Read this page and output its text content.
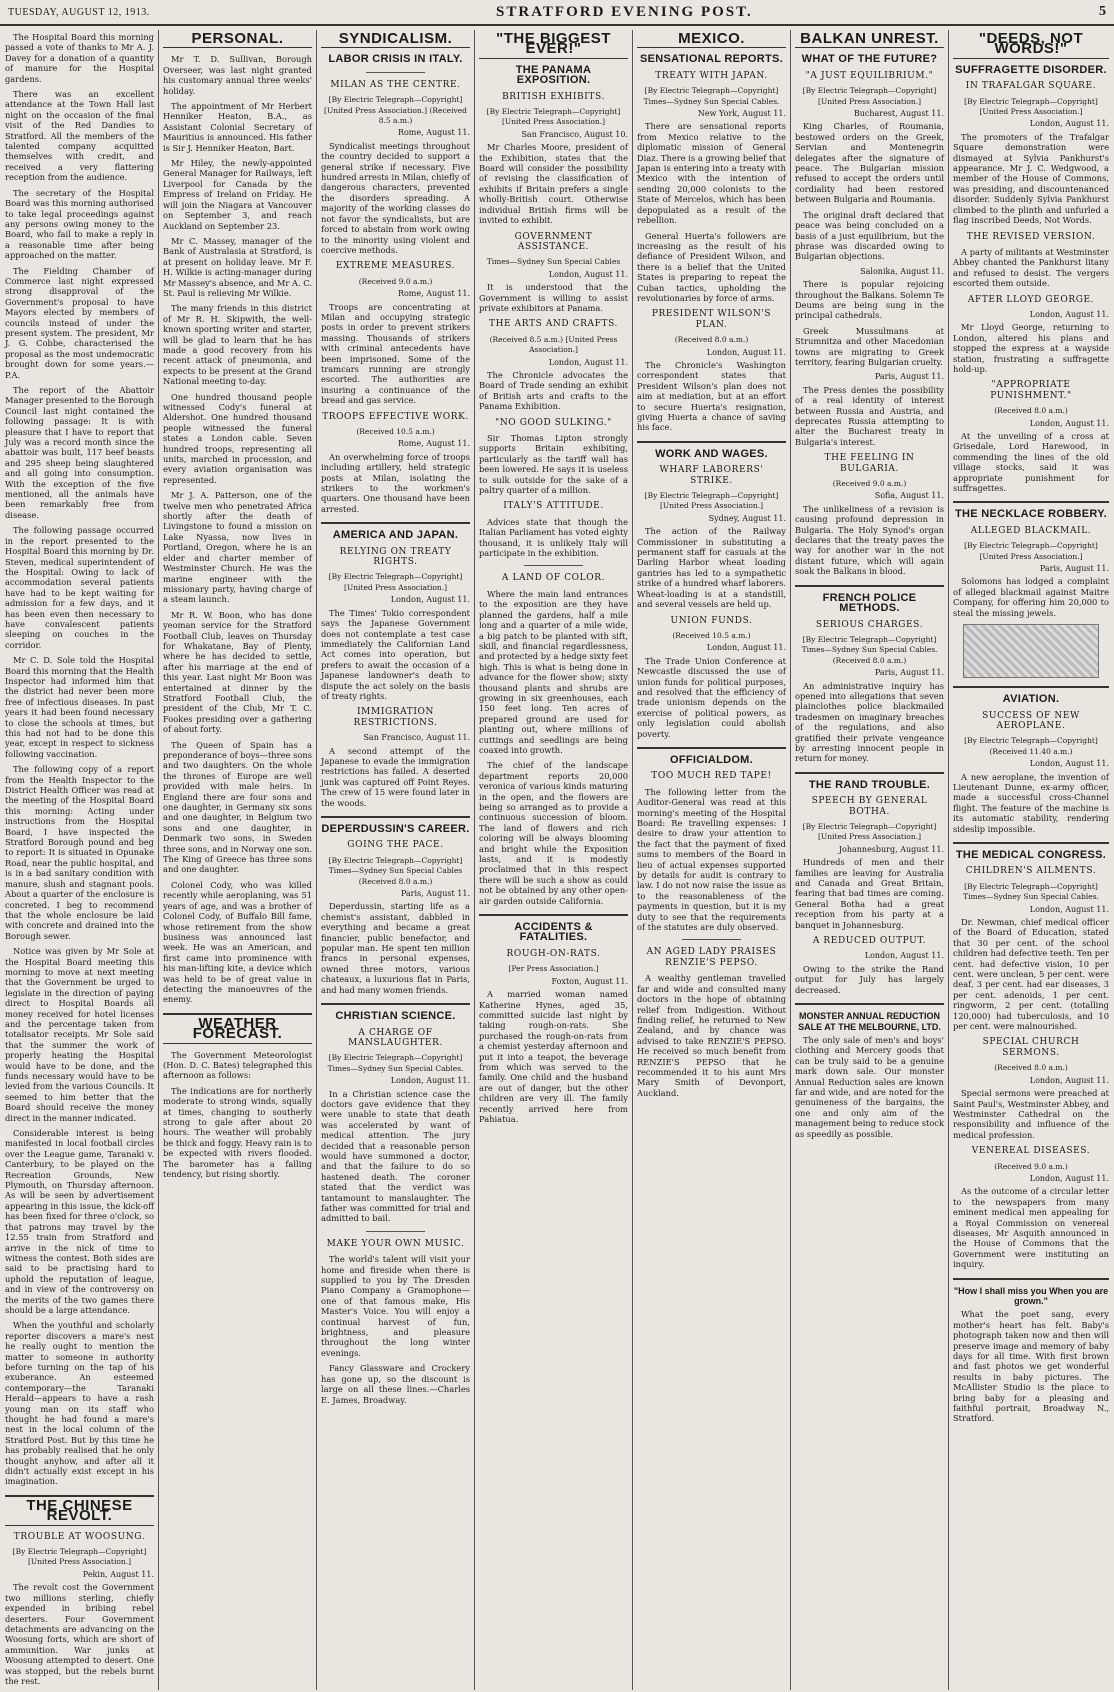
TUESDAY, AUGUST 12, 1913.	STRATFORD EVENING POST.	5

The Hospital Board this morning passed a vote of thanks to Mr A. J. Davey for a donation of a quantity of manure for the Hospital gardens.

There was an excellent attendance at the Town Hall last night on the occasion of the final visit of the Red Dandies to Stratford. All the members of the talented company acquitted themselves with credit, and received a very flattering reception from the audience.

The secretary of the Hospital Board was this morning authorised to take legal proceedings against any persons owing money to the Board, who fail to make a reply in a reasonable time after being approached on the matter.

The Fielding Chamber of Commerce last night expressed strong disapproval of the Government's proposal to have Mayors elected by members of councils instead of under the present system. The president, Mr J. G. Cobbe, characterised the proposal as the most undemocratic brought down for some years.—P.A.

The report of the Abattoir Manager presented to the Borough Council last night contained the following passage: It is with pleasure that I have to report that July was a record month since the abattoir was built, 117 beef beasts and 295 sheep being slaughtered and all going into consumption. With the exception of the five mentioned, all the animals have been remarkably free from disease.

The following passage occurred in the report presented to the Hospital Board this morning by Dr. Steven, medical superintendent of the Hospital: Owing to lack of accommodation several patients have had to be kept waiting for admission for a few days, and it has been even then necessary to have convalescent patients sleeping on couches in the corridor.

Mr C. D. Sole told the Hospital Board this morning that the Health Inspector had informed him that the district had never been more free of infectious diseases. In past years it had been found necessary to close the schools at times, but this had not had to be done this year, except in respect to sickness following vaccination.

The following copy of a report from the Health Inspector to the District Health Officer was read at the meeting of the Hospital Board this morning: Acting under instructions from the Hospital Board, I have inspected the Stratford Borough pound and beg to report: It is situated in Opunake Road, near the public hospital, and is in a bad sanitary condition with manure, slush and stagnant pools. About a quarter of the enclosure is concreted. I beg to recommend that the whole enclosure be laid with concrete and drained into the Borough sewer.

Notice was given by Mr Sole at the Hospital Board meeting this morning to move at next meeting that the Government be urged to legislate in the direction of paying direct to Hospital Boards all money received for hotel licenses and the percentage taken from totalisator receipts. Mr Sole said that the summer the work of properly heating the Hospital would have to be done, and the funds necessary would have to be levied from the various Councils. It seemed to him better that the Board should receive the money direct in the manner indicated.

Considerable interest is being manifested in local football circles over the League game, Taranaki v. Canterbury, to be played on the Recreation Grounds, New Plymouth, on Thursday afternoon. As will be seen by advertisement appearing in this issue, the kick-off has been fixed for three o'clock, so that patrons may travel by the 12.55 train from Stratford and arrive in the nick of time to witness the contest. Both sides are said to be practising hard to uphold the reputation of league, and in view of the controversy on the merits of the two games there should be a large attendance.

When the youthful and scholarly reporter discovers a mare's nest he really ought to mention the matter to someone in authority before turning on the tap of his exuberance. An esteemed contemporary—the Taranaki Herald—appears to have a rash young man on its staff who thought he had found a mare's nest in the local column of the Stratford Post. But by this time he has probably realised that he only thought anyhow, and after all it didn't actually exist except in his imagination.

THE CHINESE REVOLT.
TROUBLE AT WOOSUNG.
[By Electric Telegraph—Copyright] [United Press Association.]
Pekin, August 11.

The revolt cost the Government two millions sterling, chiefly expended in bribing rebel deserters. Four Government detachments are advancing on the Woosung forts, which are short of ammunition. War junks at Woosung attempted to desert. One was stopped, but the rebels burnt the rest.

PERSONAL.

Mr T. D. Sullivan, Borough Overseer, was last night granted his customary annual three weeks' holiday.

The appointment of Mr Herbert Henniker Heaton, B.A., as Assistant Colonial Secretary of Mauritius is announced. His father is Sir J. Henniker Heaton, Bart.

Mr Hiley, the newly-appointed General Manager for Railways, left Liverpool for Canada by the Empress of Ireland on Friday. He will join the Niagara at Vancouver on September 3, and reach Auckland on September 23.

Mr C. Massey, manager of the Bank of Australasia at Stratford, is at present on holiday leave. Mr F. H. Wilkie is acting-manager during Mr Massey's absence, and Mr A. C. St. Paul is relieving Mr Wilkie.

The many friends in this district of Mr R. H. Skipwith, the well-known sporting writer and starter, will be glad to learn that he has made a good recovery from his recent attack of pneumonia, and expects to be present at the Grand National meeting to-day.

One hundred thousand people witnessed Cody's funeral at Aldershot. One hundred thousand people witnessed the funeral states a London cable. Seven hundred troops, representing all units, marched in procession, and every aviation organisation was represented.

Mr J. A. Patterson, one of the twelve men who penetrated Africa shortly after the death of Livingstone to found a mission on Lake Nyassa, now lives in Portland, Oregon, where he is an elder and charter member of Westminster Church. He was the marine engineer with the missionary party, having charge of a steam launch.

Mr R. W. Boon, who has done yeoman service for the Stratford Football Club, leaves on Thursday for Whakatane, Bay of Plenty, where he has decided to settle, after his marriage at the end of this year. Last night Mr Boon was entertained at dinner by the Stratford Football Club, the president of the Club, Mr T. C. Fookes presiding over a gathering of about forty.

The Queen of Spain has a preponderance of boys—three sons and two daughters. On the whole the thrones of Europe are well provided with male heirs. In England there are four sons and one daughter, in Germany six sons and one daughter, in Belgium two sons and one daughter, in Denmark two sons, in Sweden three sons, and in Norway one son. The King of Greece has three sons and one daughter.

Colonel Cody, who was killed recently while aeroplaning, was 51 years of age, and was a brother of Colonel Cody, of Buffalo Bill fame, whose retirement from the show business was announced last week. He was an American, and first came into prominence with his man-lifting kite, a device which was held to be of great value in detecting the manoeuvres of the enemy.

WEATHER FORECAST.

The Government Meteorologist (Hon. D. C. Bates) telegraphed this afternoon as follows:

The indications are for northerly moderate to strong winds, squally at times, changing to southerly strong to gale after about 20 hours. The weather will probably be thick and foggy. Heavy rain is to be expected with rivers flooded. The barometer has a falling tendency, but rising shortly.

SYNDICALISM.
LABOR CRISIS IN ITALY.
MILAN AS THE CENTRE.
[By Electric Telegraph—Copyright] [United Press Association.] (Received 8.5 a.m.)
Rome, August 11.

Syndicalist meetings throughout the country decided to support a general strike if necessary. Five hundred arrests in Milan, chiefly of dangerous characters, prevented the disorders spreading. A majority of the working classes do not favor the syndicalists, but are forced to abstain from work owing to the minority using violent and coercive methods.

EXTREME MEASURES.
(Received 9.0 a.m.)
Rome, August 11.

Troops are concentrating at Milan and occupying strategic posts in order to prevent strikers massing. Thousands of strikers with criminal antecedents have been imprisoned. Some of the tramcars running are strongly escorted. The authorities are insuring a continuance of the bread and gas service.

TROOPS EFFECTIVE WORK.
(Received 10.5 a.m.)
Rome, August 11.

An overwhelming force of troops including artillery, held strategic posts at Milan, isolating the strikers to the workmen's quarters. One thousand have been arrested.

AMERICA AND JAPAN.
RELYING ON TREATY RIGHTS.
[By Electric Telegraph—Copyright] [United Press Association.]
London, August 11.

The Times' Tokio correspondent says the Japanese Government does not contemplate a test case immediately the Californian Land Act comes into operation, but prefers to await the occasion of a Japanese landowner's death to dispute the act solely on the basis of treaty rights.

IMMIGRATION RESTRICTIONS.
San Francisco, August 11.

A second attempt of the Japanese to evade the immigration restrictions has failed. A deserted junk was captured off Point Reyes. The crew of 15 were found later in the woods.

DEPERDUSSIN'S CAREER.
GOING THE PACE.
[By Electric Telegraph—Copyright] Times—Sydney Sun Special Cables (Received 8.0 a.m.)
Paris, August 11.

Deperdussin, starting life as a chemist's assistant, dabbled in everything and became a great financier, public benefactor, and popular man. He spent ten million francs in personal expenses, owned three motors, various chateaux, a luxurious flat in Paris, and had many women friends.

CHRISTIAN SCIENCE.
A CHARGE OF MANSLAUGHTER.
[By Electric Telegraph—Copyright] Times—Sydney Sun Special Cables.
London, August 11.

In a Christian science case the doctors gave evidence that they were unable to state that death was accelerated by want of medical attention. The jury decided that a reasonable person would have summoned a doctor, and that the failure to do so hastened death. The coroner stated that the verdict was tantamount to manslaughter. The father was committed for trial and admitted to bail.

MAKE YOUR OWN MUSIC.

The world's talent will visit your home and fireside when there is supplied to you by The Dresden Piano Company a Gramophone—one of that famous make, His Master's Voice. You will enjoy a continual harvest of fun, brightness, and pleasure throughout the long winter evenings.

Fancy Glassware and Crockery has gone up, so the discount is large on all these lines.—Charles E. James, Broadway.

"THE BIGGEST EVER!"
THE PANAMA EXPOSITION.
BRITISH EXHIBITS.
[By Electric Telegraph—Copyright] [United Press Association.]
San Francisco, August 10.

Mr Charles Moore, president of the Exhibition, states that the Board will consider the possibility of revising the classification of exhibits if Britain prefers a single wholly-British court. Otherwise individual British firms will be invited to exhibit.

GOVERNMENT ASSISTANCE.
Times—Sydney Sun Special Cables
London, August 11.

It is understood that the Government is willing to assist private exhibitors at Panama.

THE ARTS AND CRAFTS.
(Received 8.5 a.m.) [United Press Association.]
London, August 11.

The Chronicle advocates the Board of Trade sending an exhibit of British arts and crafts to the Panama Exhibition.

"NO GOOD SULKING."

Sir Thomas Lipton strongly supports Britain exhibiting, particularly as the tariff wall has been lowered. He says it is useless to sulk outside for the sake of a paltry quarter of a million.

ITALY'S ATTITUDE.

Advices state that though the Italian Parliament has voted eighty thousand, it is unlikely Italy will participate in the exhibition.

A LAND OF COLOR.

Where the main land entrances to the exposition are they have planned the gardens, half a mile long and a quarter of a mile wide, a big patch to be planted with sift, skill, and financial regardlessness, and protected by a hedge sixty feet high. This is what is being done in advance for the flower show; sixty thousand plants and shrubs are growing in six greenhouses, each 150 feet long. Ten acres of prepared ground are used for planting out, where millions of cuttings and seedlings are being coaxed into growth.

The chief of the landscape department reports 20,000 veronica of various kinds maturing in the open, and the flowers are being so arranged as to provide a continuous succession of bloom. The land of flowers and rich coloring will be always blooming and bright while the Exposition lasts, and it is modestly proclaimed that in this respect there will be such a show as could not be obtained by any other open-air garden outside California.

ACCIDENTS & FATALITIES.
ROUGH-ON-RATS.
[Per Press Association.]
Foxton, August 11.

A married woman named Katherine Hynes, aged 35, committed suicide last night by taking rough-on-rats. She purchased the rough-on-rats from a chemist yesterday afternoon and put it into a teapot, the beverage from which was served to the family. One child and the husband are out of danger, but the other children are very ill. The family recently arrived here from Pahiatua.

MEXICO.
SENSATIONAL REPORTS.
TREATY WITH JAPAN.
[By Electric Telegraph—Copyright] Times—Sydney Sun Special Cables.
New York, August 11.

There are sensational reports from Mexico relative to the diplomatic mission of General Diaz. There is a growing belief that Japan is entering into a treaty with Mexico with the intention of sending 20,000 colonists to the State of Mercelos, which has been depopulated as a result of the rebellion.

General Huerta's followers are increasing as the result of his defiance of President Wilson, and there is a belief that the United States is preparing to repeat the Cuban tactics, upholding the revolutionaries by force of arms.

PRESIDENT WILSON'S PLAN.
(Received 8.0 a.m.)
London, August 11.

The Chronicle's Washington correspondent states that President Wilson's plan does not aim at mediation, but at an effort to secure Huerta's resignation, giving Huerta a chance of saving his face.

WORK AND WAGES.
WHARF LABORERS' STRIKE.
[By Electric Telegraph—Copyright] [United Press Association.]
Sydney, August 11.

The action of the Railway Commissioner in substituting a permanent staff for casuals at the Darling Harbor wheat loading gantries has led to a sympathetic strike of a hundred wharf laborers. Wheat-loading is at a standstill, and several vessels are held up.

UNION FUNDS.
(Received 10.5 a.m.)
London, August 11.

The Trade Union Conference at Newcastle discussed the use of union funds for political purposes, and resolved that the efficiency of trade unionism depends on the exercise of political powers, as only legislation could abolish poverty.

OFFICIALDOM.
TOO MUCH RED TAPE!

The following letter from the Auditor-General was read at this morning's meeting of the Hospital Board: Re travelling expenses: I desire to draw your attention to the fact that the payment of fixed sums to members of the Board in lieu of actual expenses supported by details for audit is contrary to law. I do not now raise the issue as to the reasonableness of the payments in question, but it is my duty to see that the requirements of the statutes are duly observed.

AN AGED LADY PRAISES RENZIE'S PEPSO.

A wealthy gentleman travelled far and wide and consulted many doctors in the hope of obtaining relief from Indigestion. Without finding relief, he returned to New Zealand, and by chance was advised to take RENZIE'S PEPSO. He received so much benefit from RENZIE'S PEPSO that he recommended it to his aunt Mrs Mary Smith of Devonport, Auckland.

BALKAN UNREST.
WHAT OF THE FUTURE?
"A JUST EQUILIBRIUM."
[By Electric Telegraph—Copyright] [United Press Association.]
Bucharest, August 11.

King Charles, of Roumania, bestowed orders on the Greek, Servian and Montenegrin delegates after the signature of peace. The Bulgarian mission refused to accept the orders until cordiality had been restored between Bulgaria and Roumania.

The original draft declared that peace was being concluded on a basis of a just equilibrium, but the phrase was discarded owing to Bulgarian objections.

Salonika, August 11.

There is popular rejoicing throughout the Balkans. Solemn Te Deums are being sung in the principal cathedrals.

Greek Mussulmans at Strumnitza and other Macedonian towns are migrating to Greek territory, fearing Bulgarian cruelty.

Paris, August 11.

The Press denies the possibility of a real identity of interest between Russia and Austria, and deprecates Russia attempting to alter the Bucharest treaty in Bulgaria's interest.

THE FEELING IN BULGARIA.
(Received 9.0 a.m.)
Sofia, August 11.

The unlikeliness of a revision is causing profound depression in Bulgaria. The Holy Synod's organ declares that the treaty paves the way for another war in the not distant future, which will again soak the Balkans in blood.

FRENCH POLICE METHODS.
SERIOUS CHARGES.
[By Electric Telegraph—Copyright] Times—Sydney Sun Special Cables. (Received 8.0 a.m.)
Paris, August 11.

An administrative inquiry has opened into allegations that seven plainclothes police blackmailed tradesmen on imaginary breaches of the regulations, and also gratified their private vengeance by arresting innocent people in return for money.

THE RAND TROUBLE.
SPEECH BY GENERAL BOTHA.
[By Electric Telegraph—Copyright] [United Press Association.]
Johannesburg, August 11.

Hundreds of men and their families are leaving for Australia and Canada and Great Britain, fearing that bad times are coming. General Botha had a great reception from his party at a banquet in Johannesburg.

A REDUCED OUTPUT.
London, August 11.

Owing to the strike the Rand output for July has largely decreased.

MONSTER ANNUAL REDUCTION SALE AT THE MELBOURNE, LTD.

The only sale of men's and boys' clothing and Mercery goods that can be truly said to be a genuine mark down sale. Our monster Annual Reduction sales are known far and wide, and are noted for the genuineness of the bargains, the one and only aim of the management being to reduce stock as speedily as possible.

"DEEDS, NOT WORDS!"
SUFFRAGETTE DISORDER.
IN TRAFALGAR SQUARE.
[By Electric Telegraph—Copyright] [United Press Association.]
London, August 11.

The promoters of the Trafalgar Square demonstration were dismayed at Sylvia Pankhurst's appearance. Mr J. C. Wedgwood, a member of the House of Commons, was presiding, and discountenanced disorder. Suddenly Sylvia Pankhurst climbed to the plinth and unfurled a flag inscribed Deeds, Not Words.

THE REVISED VERSION.

A party of militants at Westminster Abbey chanted the Pankhurst litany and refused to desist. The vergers escorted them outside.

AFTER LLOYD GEORGE.
London, August 11.

Mr Lloyd George, returning to London, altered his plans and stopped the express at a wayside station, frustrating a suffragette hold-up.

"APPROPRIATE PUNISHMENT."
(Received 8.0 a.m.)
London, August 11.

At the unveiling of a cross at Grisedale, Lord Harewood, in commending the lines of the old village stocks, said it was appropriate punishment for suffragettes.

THE NECKLACE ROBBERY.
ALLEGED BLACKMAIL.
[By Electric Telegraph—Copyright] [United Press Association.]
Paris, August 11.

Solomons has lodged a complaint of alleged blackmail against Maitre Company, for offering him 20,000 to steal the missing jewels.

AVIATION.
SUCCESS OF NEW AEROPLANE.
[By Electric Telegraph—Copyright] (Received 11.40 a.m.)
London, August 11.

A new aeroplane, the invention of Lieutenant Dunne, ex-army officer, made a successful cross-Channel flight. The feature of the machine is its automatic stability, rendering sideslip impossible.

THE MEDICAL CONGRESS.
CHILDREN'S AILMENTS.
[By Electric Telegraph—Copyright] Times—Sydney Sun Special Cables.
London, August 11.

Dr. Newman, chief medical officer of the Board of Education, stated that 30 per cent. of the school children had defective teeth. Ten per cent. had defective vision, 10 per cent. were unclean, 5 per cent. were deaf, 3 per cent. had ear diseases, 3 per cent. adenoids, 1 per cent. ringworm, 2 per cent. (totalling 120,000) had tuberculosis, and 10 per cent. were malnourished.

SPECIAL CHURCH SERMONS.
(Received 8.0 a.m.)
London, August 11.

Special sermons were preached at Saint Paul's, Westminster Abbey, and Westminster Cathedral on the responsibility and influence of the medical profession.

VENEREAL DISEASES.
(Received 9.0 a.m.)
London, August 11.

As the outcome of a circular letter to the newspapers from many eminent medical men appealing for a Royal Commission on venereal diseases, Mr Asquith announced in the House of Commons that the Government were instituting an inquiry.

"How I shall miss you When you are grown."

What the poet sang, every mother's heart has felt. Baby's photograph taken now and then will preserve image and memory of baby days for all time. With first brown and fast photos we get wonderful results in baby pictures. The McAllister Studio is the place to bring baby for a pleasing and faithful portrait, Broadway N., Stratford.
